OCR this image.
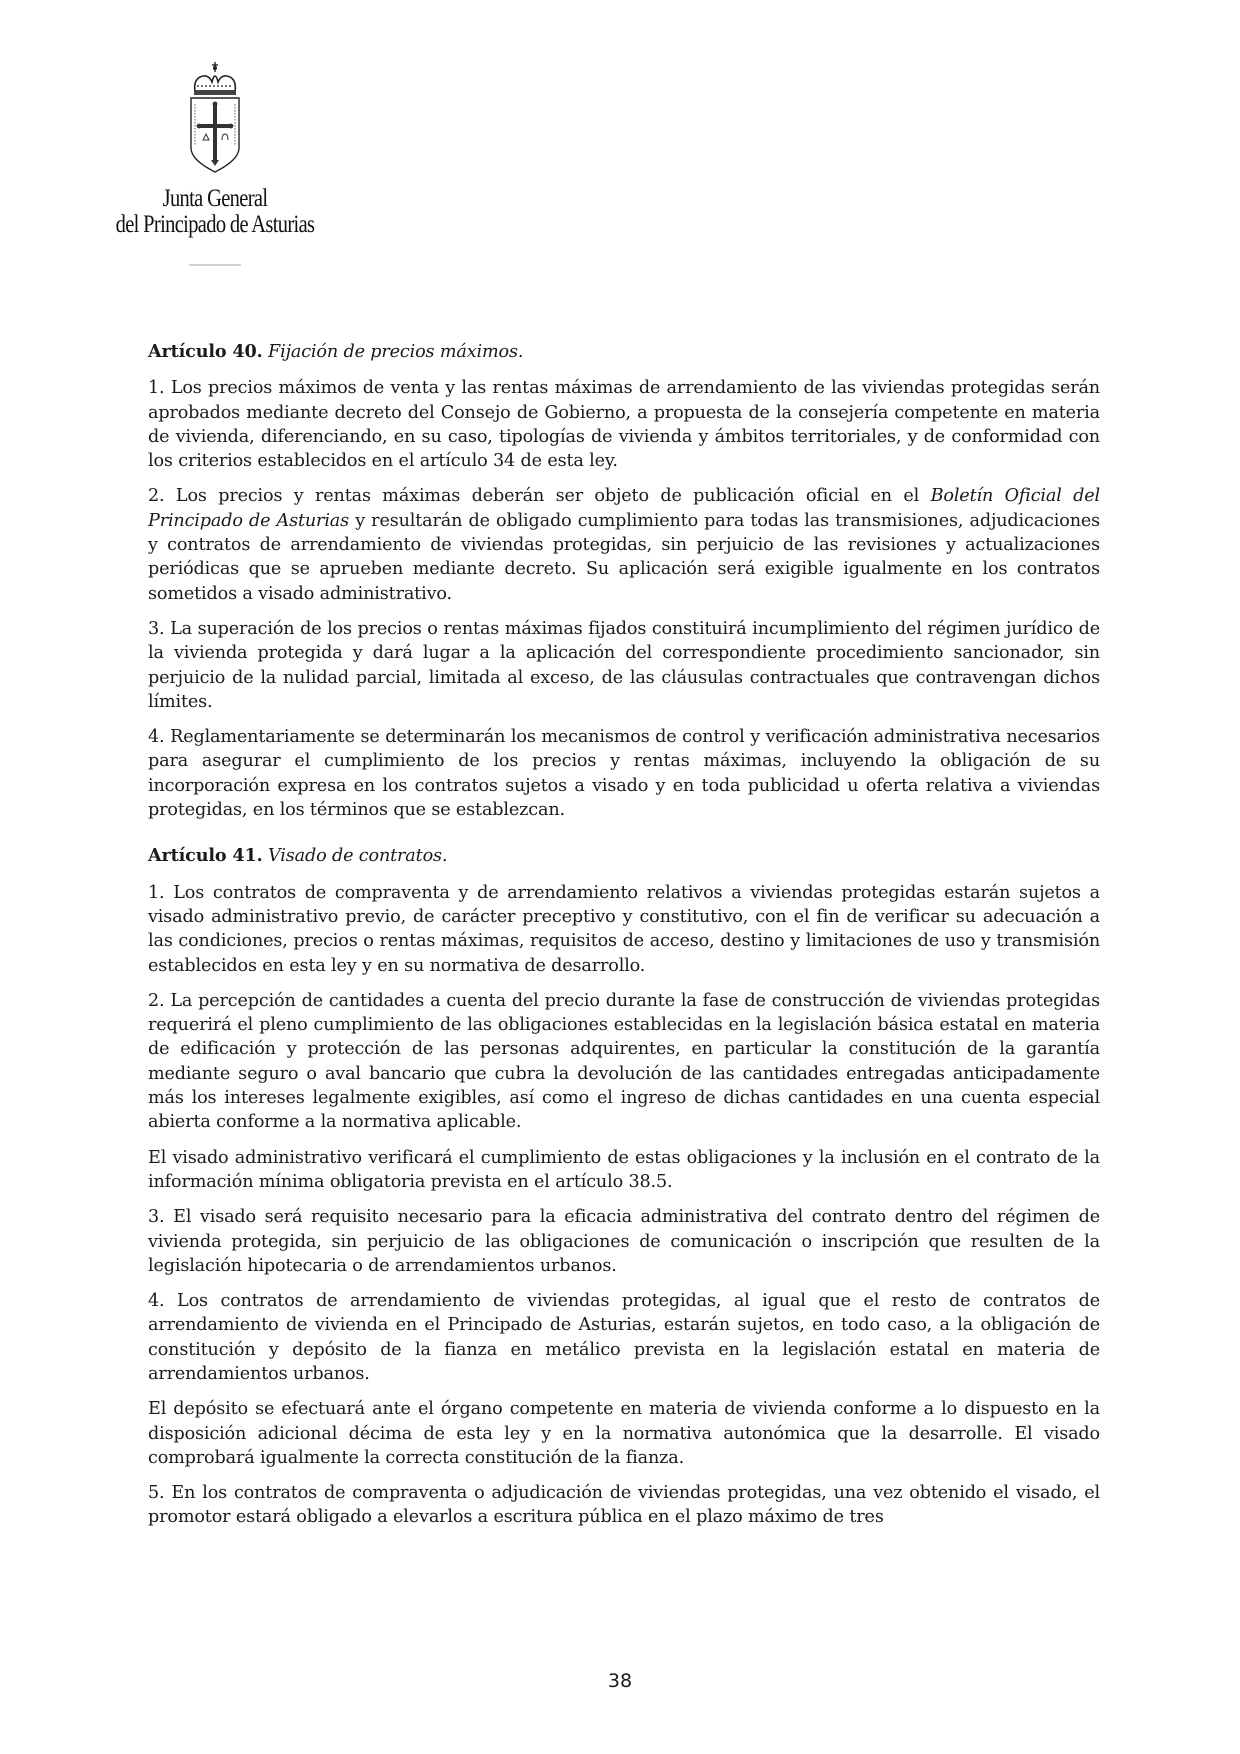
Junta General
del Principado de Asturias

Artículo 40. Fijación de precios máximos.

1. Los precios máximos de venta y las rentas máximas de arrendamiento de las viviendas protegidas serán aprobados mediante decreto del Consejo de Gobierno, a propuesta de la consejería competente en materia de vivienda, diferenciando, en su caso, tipologías de vivienda y ámbitos territoriales, y de conformidad con los criterios establecidos en el artículo 34 de esta ley.

2. Los precios y rentas máximas deberán ser objeto de publicación oficial en el Boletín Oficial del Principado de Asturias y resultarán de obligado cumplimiento para todas las transmisiones, adjudicaciones y contratos de arrendamiento de viviendas protegidas, sin perjuicio de las revisiones y actualizaciones periódicas que se aprueben mediante decreto. Su aplicación será exigible igualmente en los contratos sometidos a visado administrativo.

3. La superación de los precios o rentas máximas fijados constituirá incumplimiento del régimen jurídico de la vivienda protegida y dará lugar a la aplicación del correspondiente procedimiento sancionador, sin perjuicio de la nulidad parcial, limitada al exceso, de las cláusulas contractuales que contravengan dichos límites.

4. Reglamentariamente se determinarán los mecanismos de control y verificación administrativa necesarios para asegurar el cumplimiento de los precios y rentas máximas, incluyendo la obligación de su incorporación expresa en los contratos sujetos a visado y en toda publicidad u oferta relativa a viviendas protegidas, en los términos que se establezcan.

Artículo 41. Visado de contratos.

1. Los contratos de compraventa y de arrendamiento relativos a viviendas protegidas estarán sujetos a visado administrativo previo, de carácter preceptivo y constitutivo, con el fin de verificar su adecuación a las condiciones, precios o rentas máximas, requisitos de acceso, destino y limitaciones de uso y transmisión establecidos en esta ley y en su normativa de desarrollo.

2. La percepción de cantidades a cuenta del precio durante la fase de construcción de viviendas protegidas requerirá el pleno cumplimiento de las obligaciones establecidas en la legislación básica estatal en materia de edificación y protección de las personas adquirentes, en particular la constitución de la garantía mediante seguro o aval bancario que cubra la devolución de las cantidades entregadas anticipadamente más los intereses legalmente exigibles, así como el ingreso de dichas cantidades en una cuenta especial abierta conforme a la normativa aplicable.

El visado administrativo verificará el cumplimiento de estas obligaciones y la inclusión en el contrato de la información mínima obligatoria prevista en el artículo 38.5.

3. El visado será requisito necesario para la eficacia administrativa del contrato dentro del régimen de vivienda protegida, sin perjuicio de las obligaciones de comunicación o inscripción que resulten de la legislación hipotecaria o de arrendamientos urbanos.

4. Los contratos de arrendamiento de viviendas protegidas, al igual que el resto de contratos de arrendamiento de vivienda en el Principado de Asturias, estarán sujetos, en todo caso, a la obligación de constitución y depósito de la fianza en metálico prevista en la legislación estatal en materia de arrendamientos urbanos.

El depósito se efectuará ante el órgano competente en materia de vivienda conforme a lo dispuesto en la disposición adicional décima de esta ley y en la normativa autonómica que la desarrolle. El visado comprobará igualmente la correcta constitución de la fianza.

5. En los contratos de compraventa o adjudicación de viviendas protegidas, una vez obtenido el visado, el promotor estará obligado a elevarlos a escritura pública en el plazo máximo de tres

38
